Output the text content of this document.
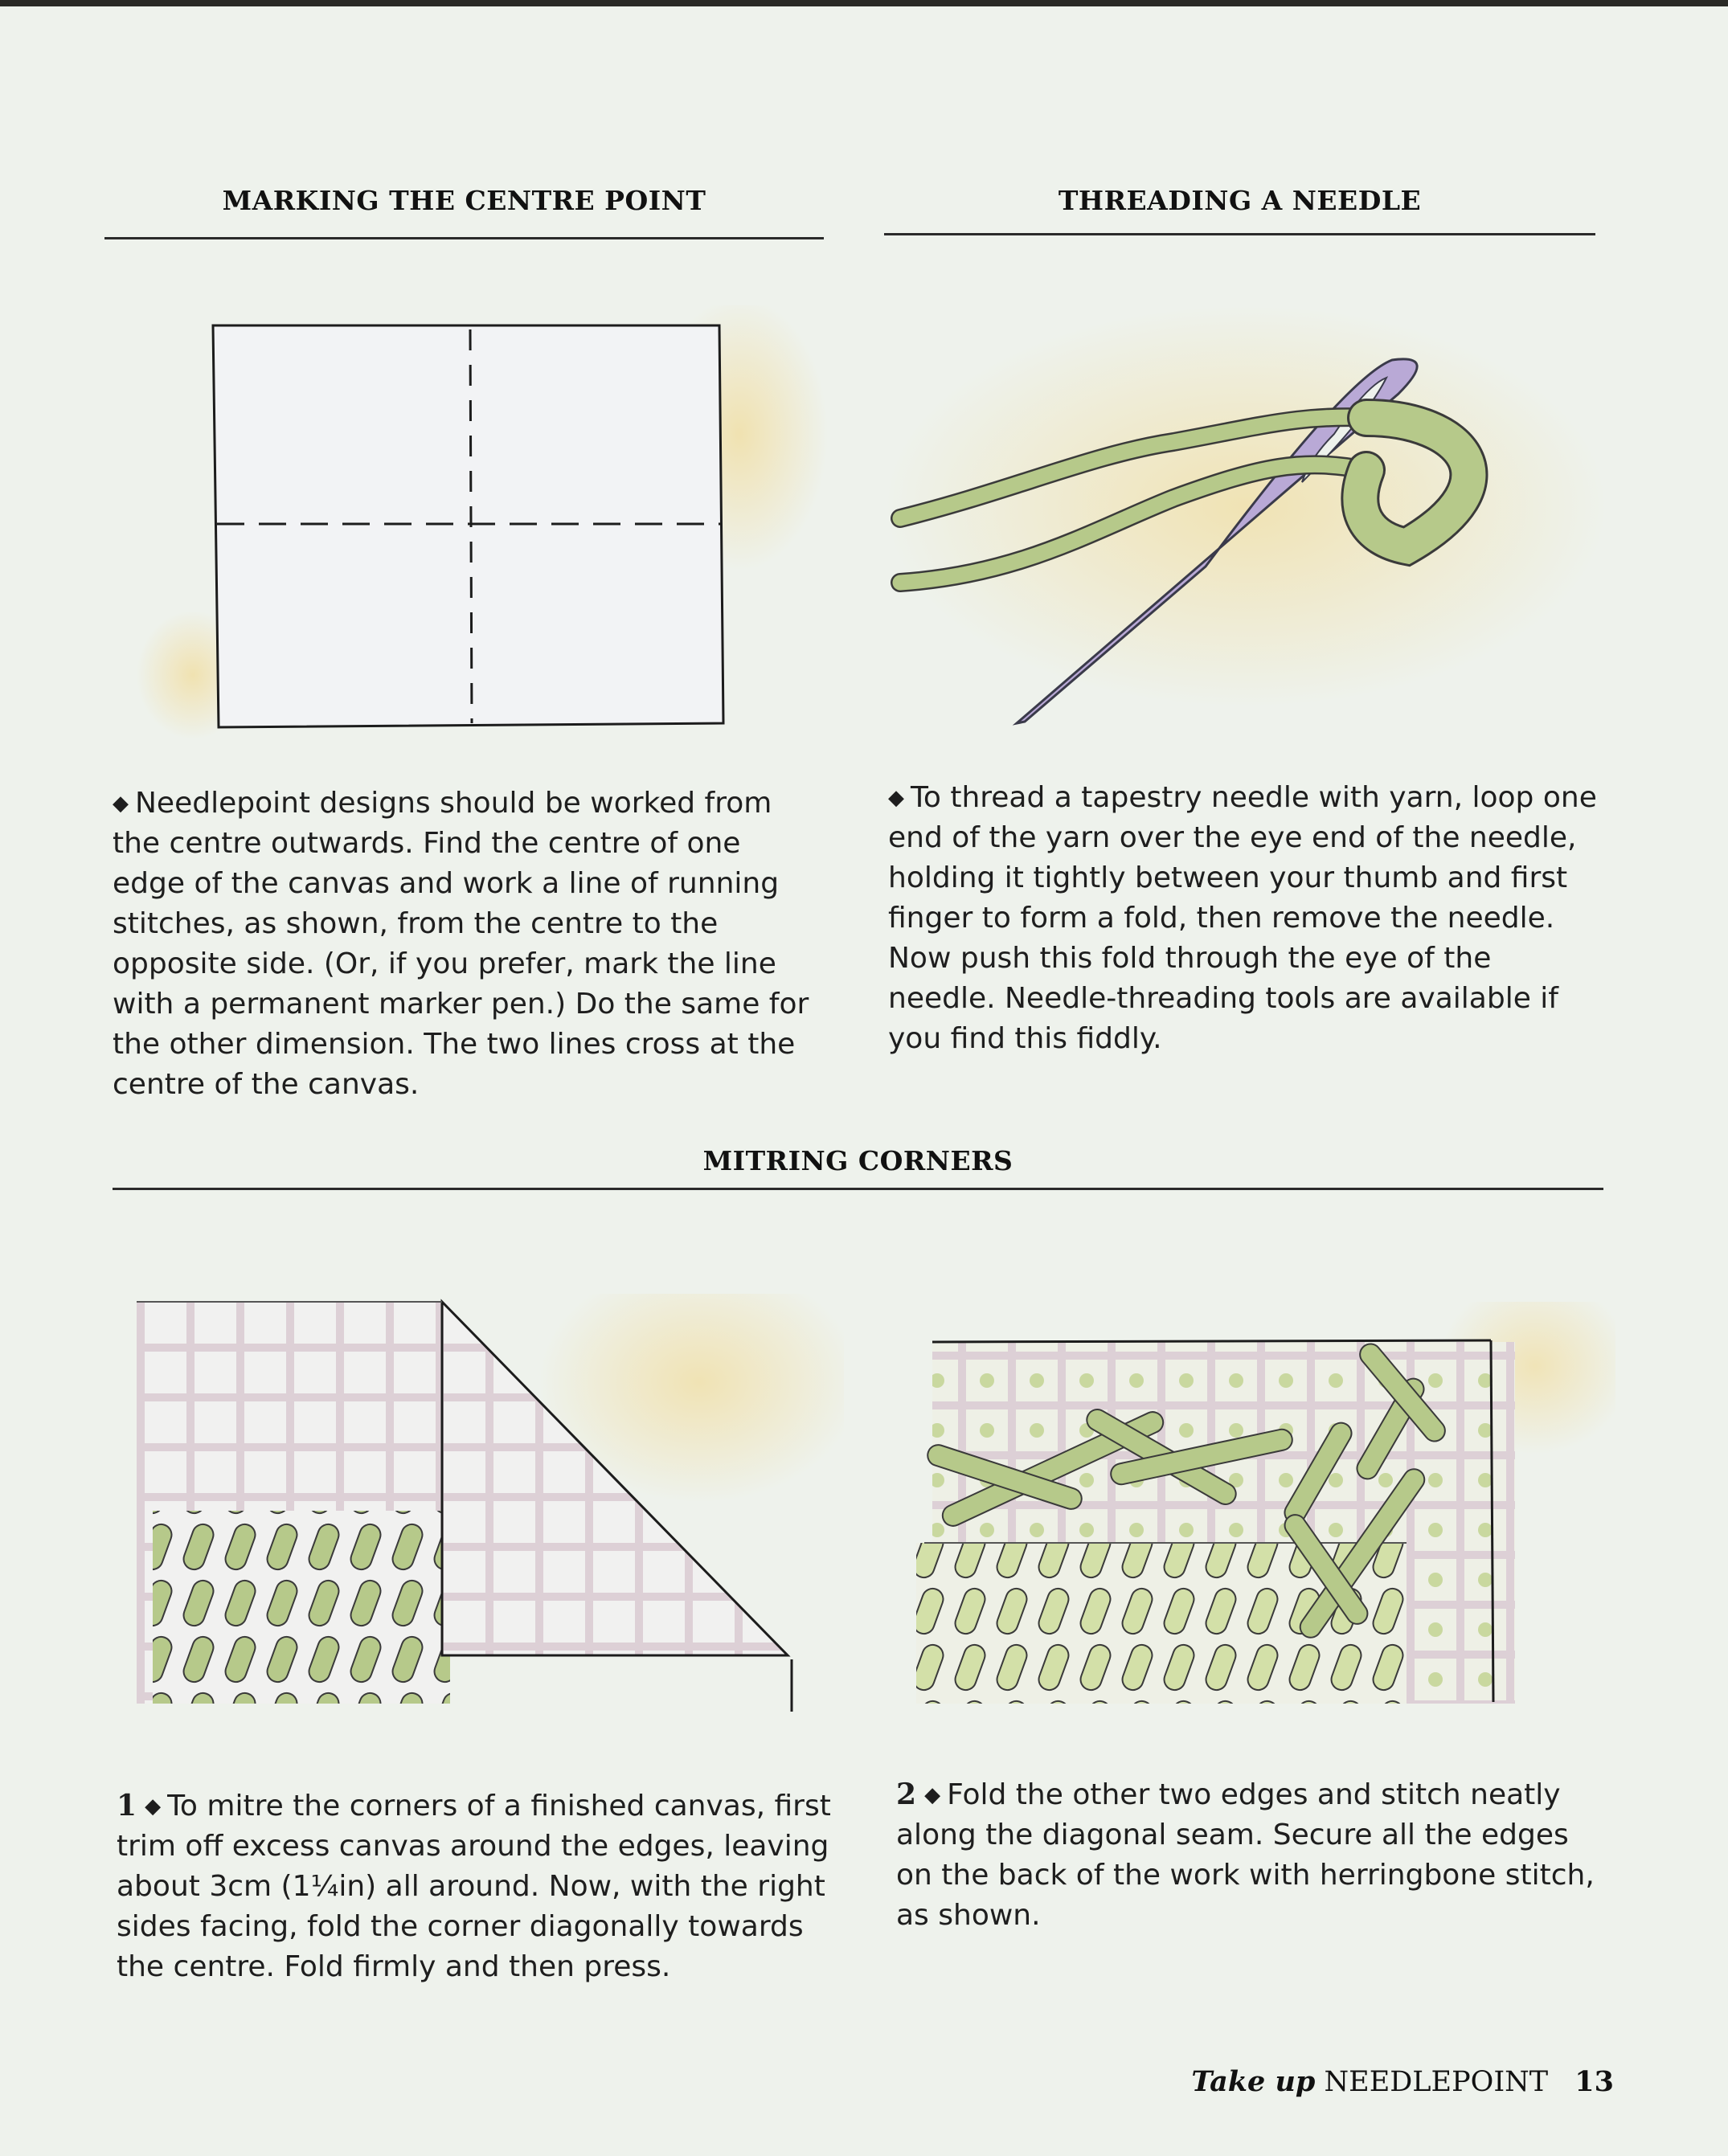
MARKING THE CENTRE POINT

◆ Needlepoint designs should be worked from the centre outwards. Find the centre of one edge of the canvas and work a line of running stitches, as shown, from the centre to the opposite side. (Or, if you prefer, mark the line with a permanent marker pen.) Do the same for the other dimension. The two lines cross at the centre of the canvas.

THREADING A NEEDLE

◆ To thread a tapestry needle with yarn, loop one end of the yarn over the eye end of the needle, holding it tightly between your thumb and first finger to form a fold, then remove the needle. Now push this fold through the eye of the needle. Needle-threading tools are available if you find this fiddly.

MITRING CORNERS

1 ◆ To mitre the corners of a finished canvas, first trim off excess canvas around the edges, leaving about 3cm (1¼in) all around. Now, with the right sides facing, fold the corner diagonally towards the centre. Fold firmly and then press.

2 ◆ Fold the other two edges and stitch neatly along the diagonal seam. Secure all the edges on the back of the work with herringbone stitch, as shown.

Take up NEEDLEPOINT 13
